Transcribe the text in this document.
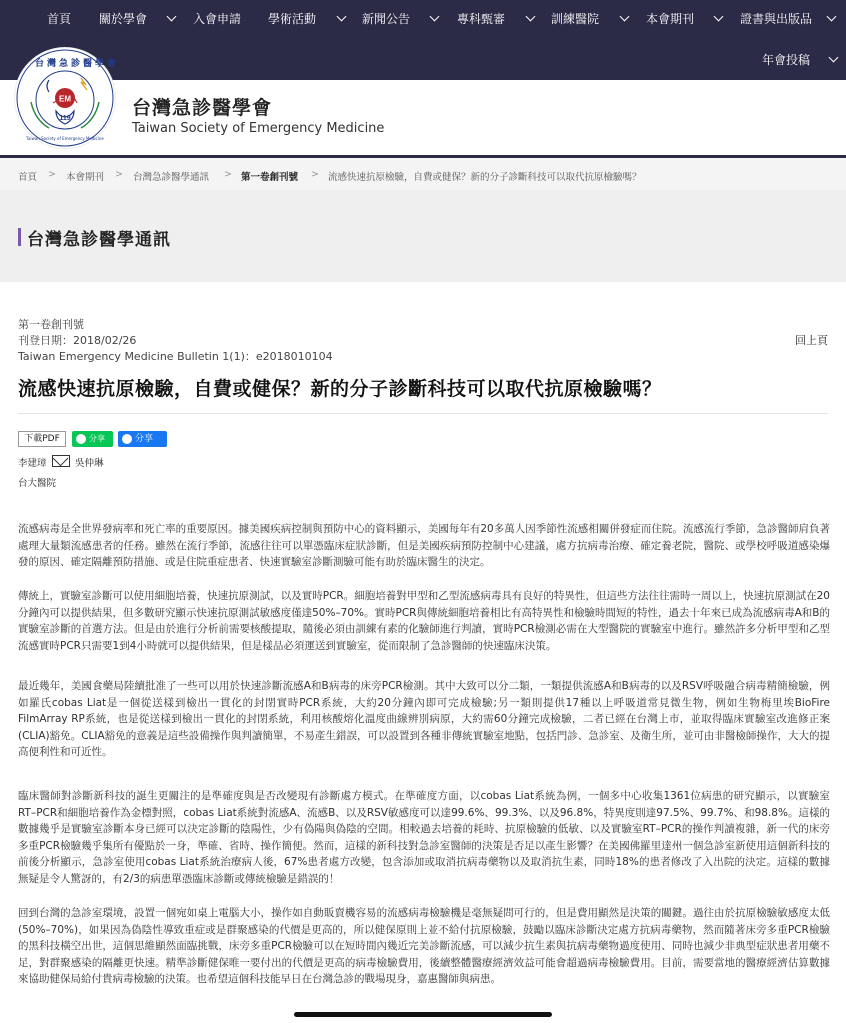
首頁 關於學會	入會申請 學術活動	新聞公告	專科甄審	訓練醫院	本會期刊	證書與出版品
年會投稿
EM
119
台灣急診醫學會
Taiwan Society of Emergency Medicine
台灣急診醫學會
Taiwan Society of Emergency Medicine
首頁 > 本會期刊 > 台灣急診醫學通訊 > 第一卷創刊號 > 流感快速抗原檢驗，自費或健保？新的分子診斷科技可以取代抗原檢驗嗎？
台灣急診醫學通訊
第一卷創刊號
刊登日期：2018/02/26
Taiwan Emergency Medicine Bulletin 1(1)：e2018010104
回上頁
流感快速抗原檢驗，自費或健保？新的分子診斷科技可以取代抗原檢驗嗎？
下載PDF	分享	分享
李建璋	吳仲琳
台大醫院

流感病毒是全世界發病率和死亡率的重要原因。據美國疾病控制與預防中心的資料顯示，美國每年有20多萬人因季節性流感相關併發症而住院。流感流行季節，急診醫師肩負著處理大量類流感患者的任務。雖然在流行季節，流感往往可以單憑臨床症狀診斷，但是美國疾病預防控制中心建議，處方抗病毒治療、確定養老院，醫院、或學校呼吸道感染爆發的原因、確定隔離預防措施、或是住院重症患者、快速實驗室診斷測驗可能有助於臨床醫生的決定。

傳統上，實驗室診斷可以使用細胞培養，快速抗原測試，以及實時PCR。細胞培養對甲型和乙型流感病毒具有良好的特異性，但這些方法往往需時一周以上，快速抗原測試在20分鐘內可以提供結果，但多數研究顯示快速抗原測試敏感度僅達50%–70%。實時PCR與傳統細胞培養相比有高特異性和檢驗時間短的特性，過去十年來已成為流感病毒A和B的實驗室診斷的首選方法。但是由於進行分析前需要核酸提取，隨後必須由訓練有素的化驗師進行判讀，實時PCR檢測必需在大型醫院的實驗室中進行。雖然許多分析甲型和乙型流感實時PCR只需要1到4小時就可以提供結果，但是樣品必須運送到實驗室，從而限制了急診醫師的快速臨床決策。

最近幾年，美國食藥局陸續批准了一些可以用於快速診斷流感A和B病毒的床旁PCR檢測。其中大致可以分二類，一類提供流感A和B病毒的以及RSV呼吸融合病毒精簡檢驗，例如羅氏cobas Liat是一個從送樣到檢出一貫化的封閉實時PCR系統，大約20分鐘內即可完成檢驗;另一類則提供17種以上呼吸道常見微生物，例如生物梅里埃BioFire FilmArray RP系統，也是從送樣到檢出一貫化的封閉系統，利用核酸熔化溫度曲線辨別病原，大約需60分鐘完成檢驗，二者已經在台灣上市，並取得臨床實驗室改進修正案(CLIA)豁免。CLIA豁免的意義是這些設備操作與判讀簡單，不易產生錯誤，可以設置到各種非傳統實驗室地點，包括門診、急診室、及衛生所，並可由非醫檢師操作，大大的提高便利性和可近性。

臨床醫師對診斷新科技的誕生更關注的是準確度與是否改變現有診斷處方模式。在準確度方面，以cobas Liat系統為例，一個多中心收集1361位病患的研究顯示，以實驗室RT–PCR和細胞培養作為金標對照，cobas Liat系統對流感A、流感B、以及RSV敏感度可以達99.6%、99.3%、以及96.8%，特異度則達97.5%、99.7%、和98.8%。這樣的數據幾乎是實驗室診斷本身已經可以決定診斷的陰陽性，少有偽陽與偽陰的空間。相較過去培養的耗時、抗原檢驗的低敏、以及實驗室RT–PCR的操作判讀複雜，新一代的床旁多重PCR檢驗幾乎集所有優點於一身，準確、省時、操作簡便。然而，這樣的新科技對急診室醫師的決策是否足以產生影響？在美國佛羅里達州一個急診室新使用這個新科技的前後分析顯示，急診室使用cobas Liat系統治療病人後，67%患者處方改變，包含添加或取消抗病毒藥物以及取消抗生素，同時18%的患者修改了入出院的決定。這樣的數據無疑是令人驚訝的，有2/3的病患單憑臨床診斷或傳統檢驗是錯誤的！

回到台灣的急診室環境，設置一個宛如桌上電腦大小，操作如自動販賣機容易的流感病毒檢驗機是毫無疑問可行的，但是費用顯然是決策的關鍵。過往由於抗原檢驗敏感度太低(50%–70%)，如果因為偽陰性導致重症或是群聚感染的代價是更高的，所以健保原則上並不給付抗原檢驗，鼓勵以臨床診斷決定處方抗病毒藥物，然而隨著床旁多重PCR檢驗的黑科技橫空出世，這個思維顯然面臨挑戰，床旁多重PCR檢驗可以在短時間內幾近完美診斷流感，可以減少抗生素與抗病毒藥物過度使用、同時也減少非典型症狀患者用藥不足，對群聚感染的隔離更快速。精準診斷健保唯一要付出的代價是更高的病毒檢驗費用，後續整體醫療經濟效益可能會超過病毒檢驗費用。目前，需要當地的醫療經濟估算數據來協助健保局給付貴病毒檢驗的決策。也希望這個科技能早日在台灣急診的戰場現身，嘉惠醫師與病患。
